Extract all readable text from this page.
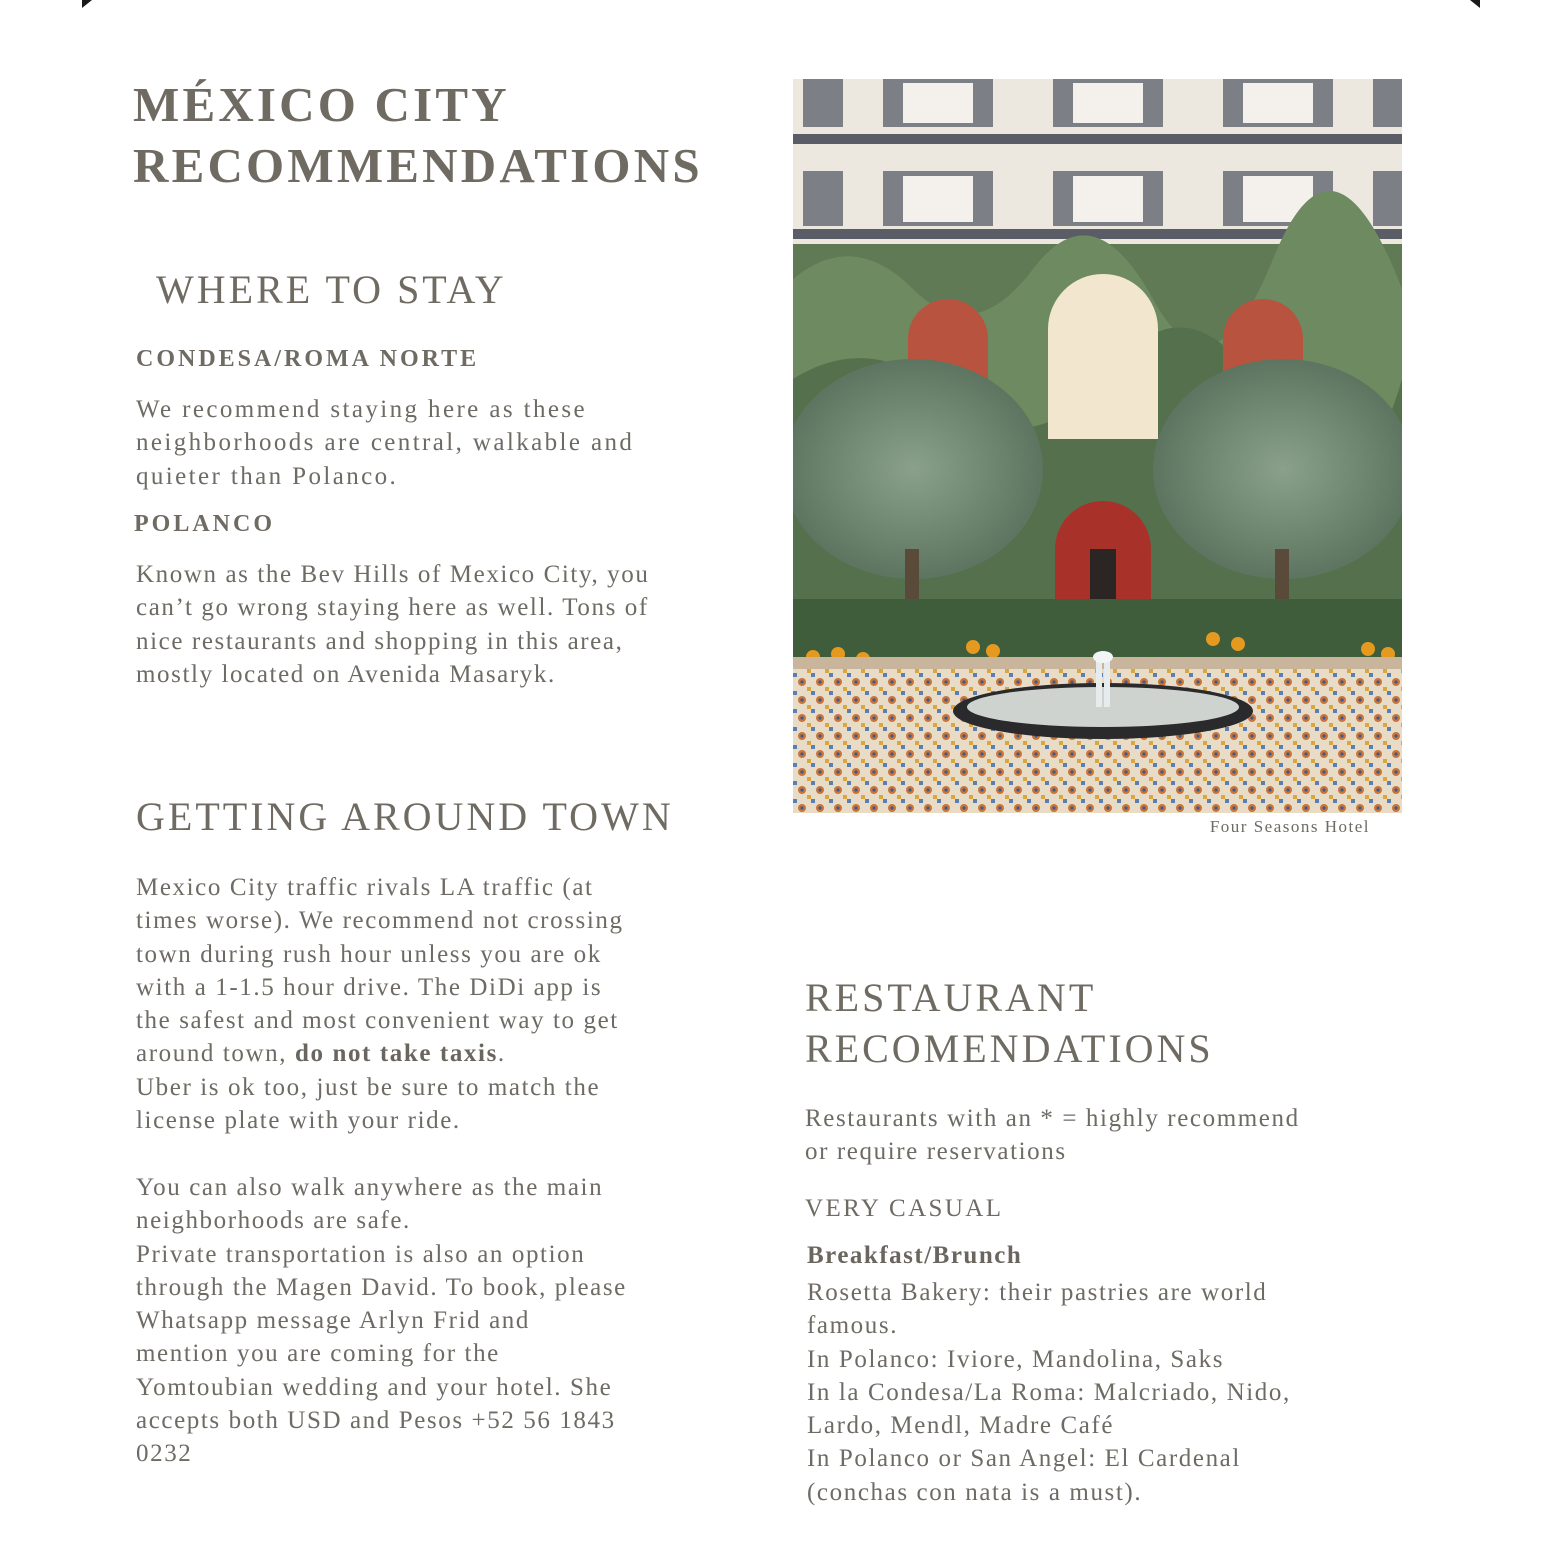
MÉXICO CITY
RECOMMENDATIONS
WHERE TO STAY
CONDESA/ROMA NORTE
We recommend staying here as these
neighborhoods are central, walkable and
quieter than Polanco.
POLANCO
Known as the Bev Hills of Mexico City, you
can’t go wrong staying here as well. Tons of
nice restaurants and shopping in this area,
mostly located on Avenida Masaryk.
GETTING AROUND TOWN
Mexico City traffic rivals LA traffic (at
times worse). We recommend not crossing
town during rush hour unless you are ok
with a 1-1.5 hour drive. The DiDi app is
the safest and most convenient way to get
around town, do not take taxis.
Uber is ok too, just be sure to match the
license plate with your ride.
You can also walk anywhere as the main
neighborhoods are safe.
Private transportation is also an option
through the Magen David. To book, please
Whatsapp message Arlyn Frid and
mention you are coming for the
Yomtoubian wedding and your hotel. She
accepts both USD and Pesos +52 56 1843
0232
Four Seasons Hotel
RESTAURANT
RECOMENDATIONS
Restaurants with an * = highly recommend
or require reservations
VERY CASUAL
Breakfast/Brunch
Rosetta Bakery: their pastries are world
famous.
In Polanco: Iviore, Mandolina, Saks
In la Condesa/La Roma: Malcriado, Nido,
Lardo, Mendl, Madre Café
In Polanco or San Angel: El Cardenal
(conchas con nata is a must).
